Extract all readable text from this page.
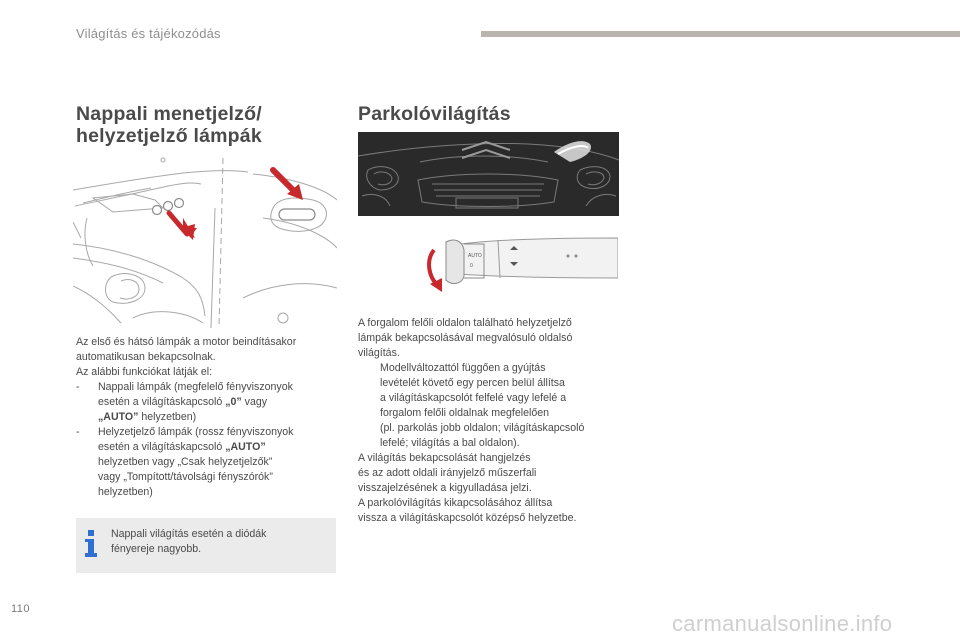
Világítás és tájékozódás
Nappali menetjelző/
helyzetjelző lámpák
Az első és hátsó lámpák a motor beindításakor
automatikusan bekapcsolnak.
Az alábbi funkciókat látják el:
- Nappali lámpák (megfelelő fényviszonyok
esetén a világításkapcsoló „0” vagy
„AUTO” helyzetben)
- Helyzetjelző lámpák (rossz fényviszonyok
esetén a világításkapcsoló „AUTO”
helyzetben vagy „Csak helyzetjelzők”
vagy „Tompított/távolsági fényszórók”
helyzetben)
Nappali világítás esetén a diódák
fényereje nagyobb.
Parkolóvilágítás
AUTO
0
A forgalom felőli oldalon található helyzetjelző
lámpák bekapcsolásával megvalósuló oldalsó
világítás.
Modellváltozattól függően a gyújtás
levételét követő egy percen belül állítsa
a világításkapcsolót felfelé vagy lefelé a
forgalom felőli oldalnak megfelelően
(pl. parkolás jobb oldalon; világításkapcsoló
lefelé; világítás a bal oldalon).
A világítás bekapcsolását hangjelzés
és az adott oldali irányjelző műszerfali
visszajelzésének a kigyulladása jelzi.
A parkolóvilágítás kikapcsolásához állítsa
vissza a világításkapcsolót középső helyzetbe.
110
carmanualsonline.info
